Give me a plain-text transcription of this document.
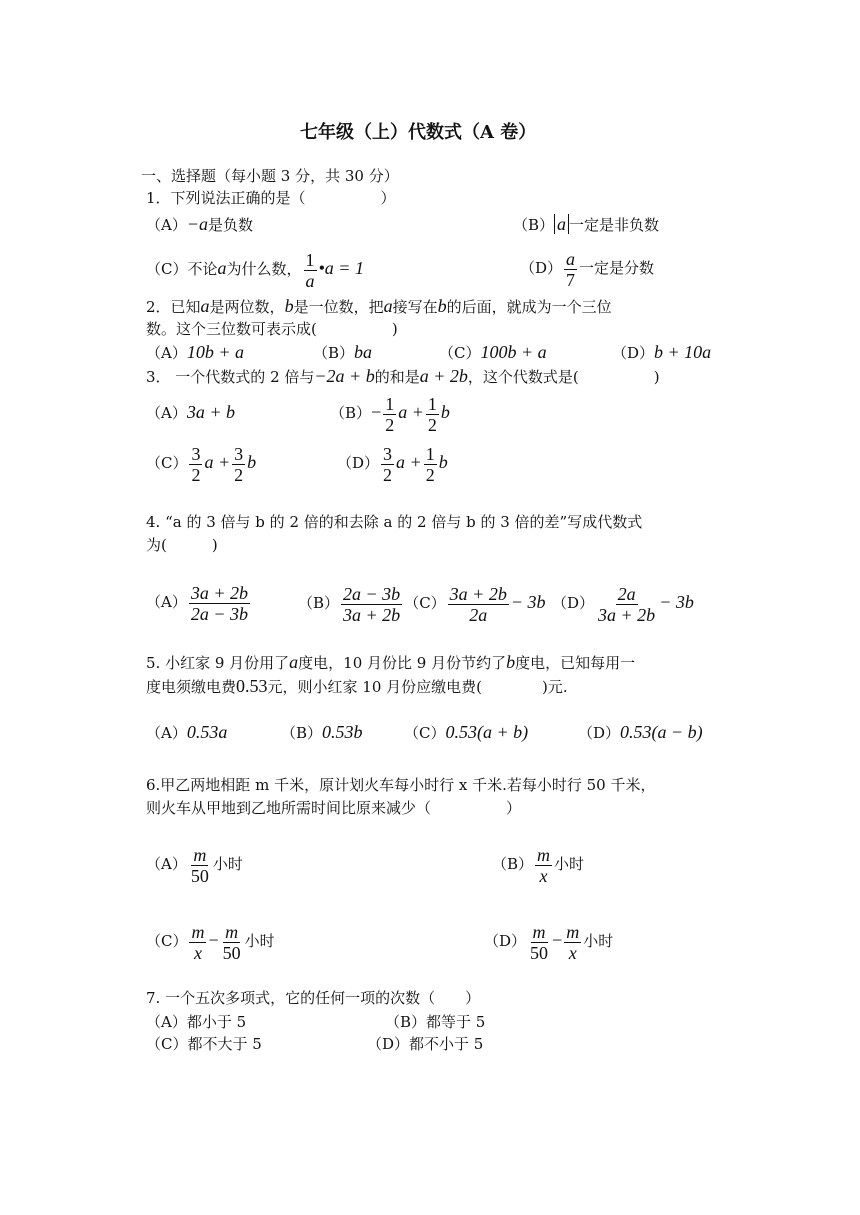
七年级（上）代数式（A 卷）
一、选择题（每小题 3 分，共 30 分）
1．下列说法正确的是（　　　　　）
（A）−a是负数	（B） a 一定是非负数
（C）不论a为什么数， $\frac{1}{a}$ •a = 1	$(D) \frac{a}{7}$ 一定是分数
2．已知a是两位数，b是一位数，把a接写在b的后面，就成为一个三位
数。这个三位数可表示成(　　　　　)
（A）10b + a	（B）ba	（C）100b + a	（D）b + 10a
3． 一个代数式的 2 倍与−2a + b的和是a + 2b，这个代数式是(　　　　　)
（A）3a + b	$(B)- \frac{1}{2}$ $a + \frac{1}{2}$ b
$(C) \frac{3}{2}$ $a + \frac{3}{2}$ b	$(D) \frac{3}{2}$ $a + \frac{1}{2}$ b
4. “a 的 3 倍与 b 的 2 倍的和去除 a 的 2 倍与 b 的 3 倍的差”写成代数式
为(　　　)
$(A) \frac{3a + 2b}{2a - 3b}$	$(B) \frac{2a - 3b}{3a + 2b} (C) \frac{3a + 2b}{2a} - 3b$ $(D) \frac{2a}{3a + 2b} - 3b$
5. 小红家 9 月份用了a度电，10 月份比 9 月份节约了b度电，已知每用一
度电须缴电费0.53元，则小红家 10 月份应缴电费(　　　　)元.
（A）0.53a	（B）0.53b	（C）0.53(a + b)	（D）0.53(a − b)
6.甲乙两地相距 m 千米，原计划火车每小时行 x 千米.若每小时行 50 千米，
则火车从甲地到乙地所需时间比原来减少（　　　　　）
$(A) \frac{m}{50}$ 小时	$(B) \frac{m}{x}$ 小时
$(C) \frac{m}{x} - \frac{m}{50}$ 小时	$(D) \frac{m}{50} - \frac{m}{x}$ 小时
7. 一个五次多项式，它的任何一项的次数（　　）
（A）都小于 5	（B）都等于 5
（C）都不大于 5	（D）都不小于 5
